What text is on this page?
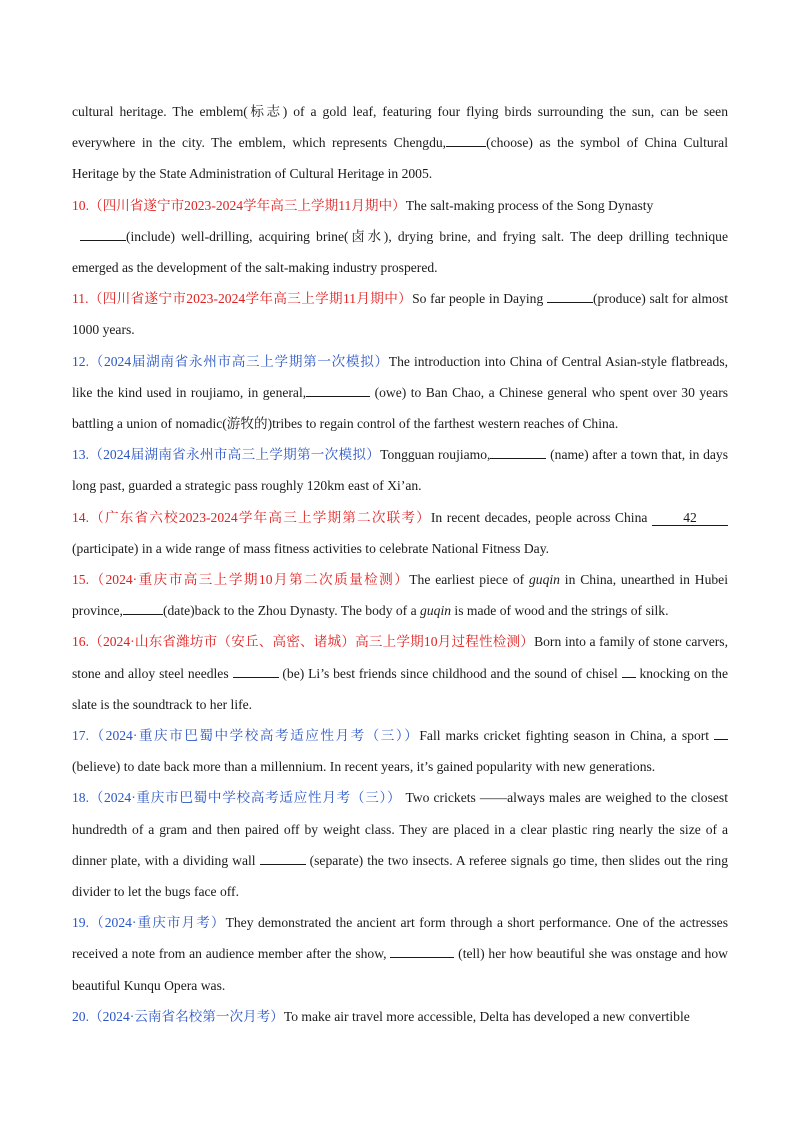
cultural heritage. The emblem(标志) of a gold leaf, featuring four flying birds surrounding the sun, can be seen everywhere in the city. The emblem, which represents Chengdu,	(choose) as the symbol of China Cultural Heritage by the State Administration of Cultural Heritage in 2005.

10.（四川省遂宁市2023-2024学年高三上学期11月期中）The salt-making process of the Song Dynasty
(include) well-drilling, acquiring brine(卤水), drying brine, and frying salt. The deep drilling technique emerged as the development of the salt-making industry prospered.

11.（四川省遂宁市2023-2024学年高三上学期11月期中）So far people in Daying	(produce) salt for almost 1000 years.

12.（2024届湖南省永州市高三上学期第一次模拟）The introduction into China of Central Asian-style flatbreads, like the kind used in roujiamo, in general,	(owe) to Ban Chao, a Chinese general who spent over 30 years battling a union of nomadic(游牧的)tribes to regain control of the farthest western reaches of China.

13.（2024届湖南省永州市高三上学期第一次模拟）Tongguan roujiamo,	(name) after a town that, in days long past, guarded a strategic pass roughly 120km east of Xi’an.

14.（广东省六校2023-2024学年高三上学期第二次联考）In recent decades, people across China	42 (participate) in a wide range of mass fitness activities to celebrate National Fitness Day.

15.（2024·重庆市高三上学期10月第二次质量检测）The earliest piece of guqin in China, unearthed in Hubei province,	(date)back to the Zhou Dynasty. The body of a guqin is made of wood and the strings of silk.

16.（2024·山东省潍坊市（安丘、高密、诸城）高三上学期10月过程性检测）Born into a family of stone carvers, stone and alloy steel needles	(be) Li’s best friends since childhood and the sound of chisel  knocking on the slate is the soundtrack to her life.

17.（2024·重庆市巴蜀中学校高考适应性月考（三））Fall marks cricket fighting season in China, a sport  (believe) to date back more than a millennium. In recent years, it’s gained popularity with new generations.

18.（2024·重庆市巴蜀中学校高考适应性月考（三）） Two crickets ——always males are weighed to the closest hundredth of a gram and then paired off by weight class. They are placed in a clear plastic ring nearly the size of a dinner plate, with a dividing wall	(separate) the two insects. A referee signals go time, then slides out the ring divider to let the bugs face off.

19.（2024·重庆市月考）They demonstrated the ancient art form through a short performance. One of the actresses received a note from an audience member after the show,	(tell) her how beautiful she was onstage and how beautiful Kunqu Opera was.

20.（2024·云南省名校第一次月考）To make air travel more accessible, Delta has developed a new convertible
